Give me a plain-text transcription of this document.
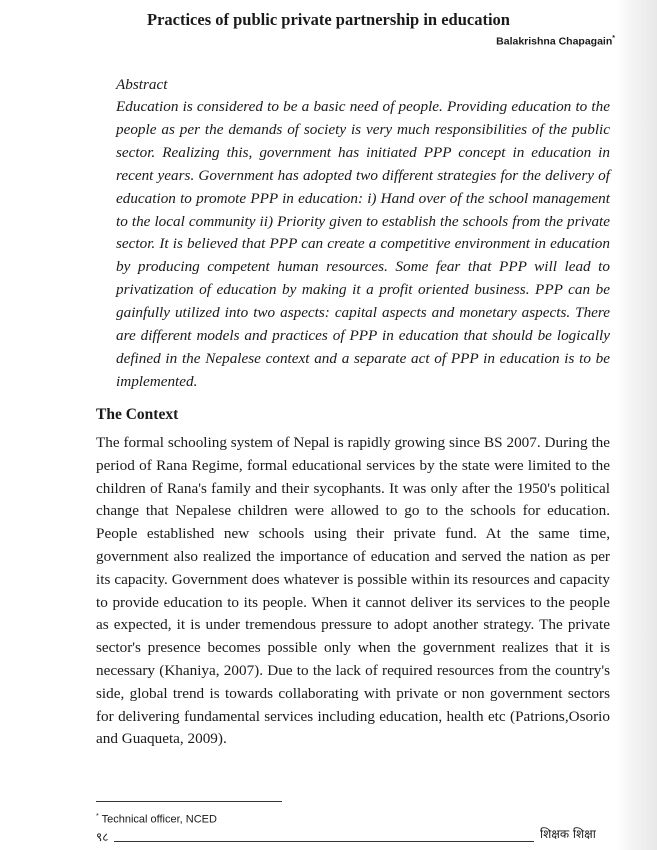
Practices of public private partnership in education
Balakrishna Chapagain*
Abstract

Education is considered to be a basic need of people. Providing education to the people as per the demands of society is very much responsibilities of the public sector. Realizing this, government has initiated PPP concept in education in recent years. Government has adopted two different strategies for the delivery of education to promote PPP in education: i) Hand over of the school management to the local community ii) Priority given to establish the schools from the private sector. It is believed that PPP can create a competitive environment in education by producing competent human resources. Some fear that PPP will lead to privatization of education by making it a profit oriented business. PPP can be gainfully utilized into two aspects: capital aspects and monetary aspects. There are different models and practices of PPP in education that should be logically defined in the Nepalese context and a separate act of PPP in education is to be implemented.

The Context

The formal schooling system of Nepal is rapidly growing since BS 2007. During the period of Rana Regime, formal educational services by the state were limited to the children of Rana's family and their sycophants. It was only after the 1950's political change that Nepalese children were allowed to go to the schools for education. People established new schools using their private fund. At the same time, government also realized the importance of education and served the nation as per its capacity. Government does whatever is possible within its resources and capacity to provide education to its people. When it cannot deliver its services to the people as expected, it is under tremendous pressure to adopt another strategy. The private sector's presence becomes possible only when the government realizes that it is necessary (Khaniya, 2007). Due to the lack of required resources from the country's side, global trend is towards collaborating with private or non government sectors for delivering fundamental services including education, health etc (Patrions,Osorio and Guaqueta, 2009).

* Technical officer, NCED
९८	शिक्षक शिक्षा
